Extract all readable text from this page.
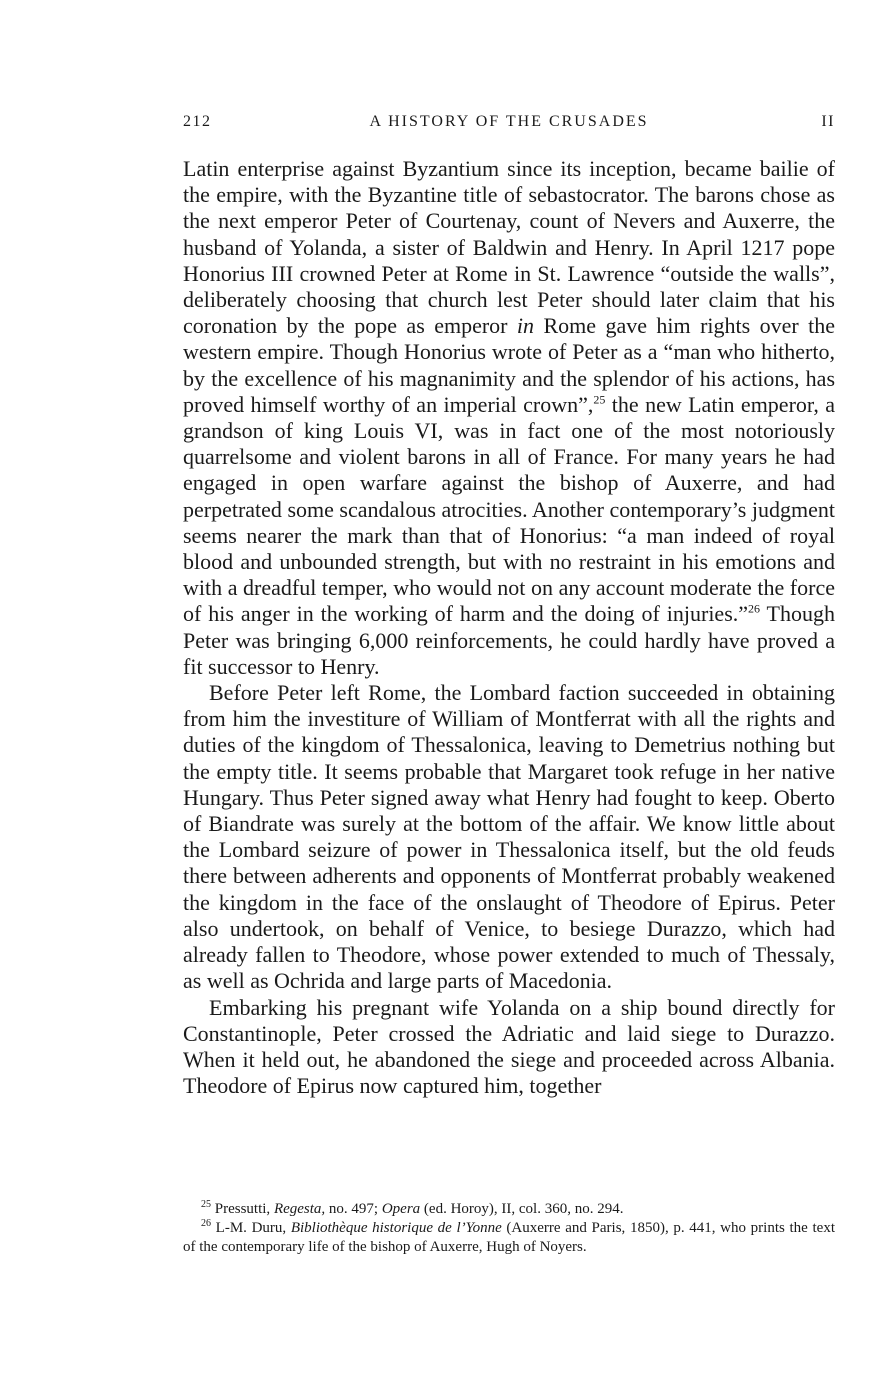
212	A HISTORY OF THE CRUSADES	II

Latin enterprise against Byzantium since its inception, became bailie of the empire, with the Byzantine title of sebastocrator. The barons chose as the next emperor Peter of Courtenay, count of Nevers and Auxerre, the husband of Yolanda, a sister of Baldwin and Henry. In April 1217 pope Honorius III crowned Peter at Rome in St. Lawrence “outside the walls”, deliberately choosing that church lest Peter should later claim that his coronation by the pope as emperor in Rome gave him rights over the western empire. Though Honorius wrote of Peter as a “man who hitherto, by the excellence of his magnanimity and the splendor of his actions, has proved himself worthy of an imperial crown”,$^{25}$ the new Latin emperor, a grandson of king Louis VI, was in fact one of the most notoriously quarrelsome and violent barons in all of France. For many years he had engaged in open warfare against the bishop of Auxerre, and had perpetrated some scandalous atrocities. Another contemporary’s judgment seems nearer the mark than that of Honorius: “a man indeed of royal blood and unbounded strength, but with no restraint in his emotions and with a dreadful temper, who would not on any account moderate the force of his anger in the working of harm and the doing of injuries.”$^{26}$ Though Peter was bringing 6,000 reinforcements, he could hardly have proved a fit successor to Henry.

Before Peter left Rome, the Lombard faction succeeded in obtaining from him the investiture of William of Montferrat with all the rights and duties of the kingdom of Thessalonica, leaving to Demetrius nothing but the empty title. It seems probable that Margaret took refuge in her native Hungary. Thus Peter signed away what Henry had fought to keep. Oberto of Biandrate was surely at the bottom of the affair. We know little about the Lombard seizure of power in Thessalonica itself, but the old feuds there between adherents and opponents of Montferrat probably weakened the kingdom in the face of the onslaught of Theodore of Epirus. Peter also undertook, on behalf of Venice, to besiege Durazzo, which had already fallen to Theodore, whose power extended to much of Thessaly, as well as Ochrida and large parts of Macedonia.

Embarking his pregnant wife Yolanda on a ship bound directly for Constantinople, Peter crossed the Adriatic and laid siege to Durazzo. When it held out, he abandoned the siege and proceeded across Albania. Theodore of Epirus now captured him, together

$^{25}$ Pressutti, Regesta, no. 497; Opera (ed. Horoy), II, col. 360, no. 294.

$^{26}$ L-M. Duru, Bibliothèque historique de l’Yonne (Auxerre and Paris, 1850), p. 441, who prints the text of the contemporary life of the bishop of Auxerre, Hugh of Noyers.
